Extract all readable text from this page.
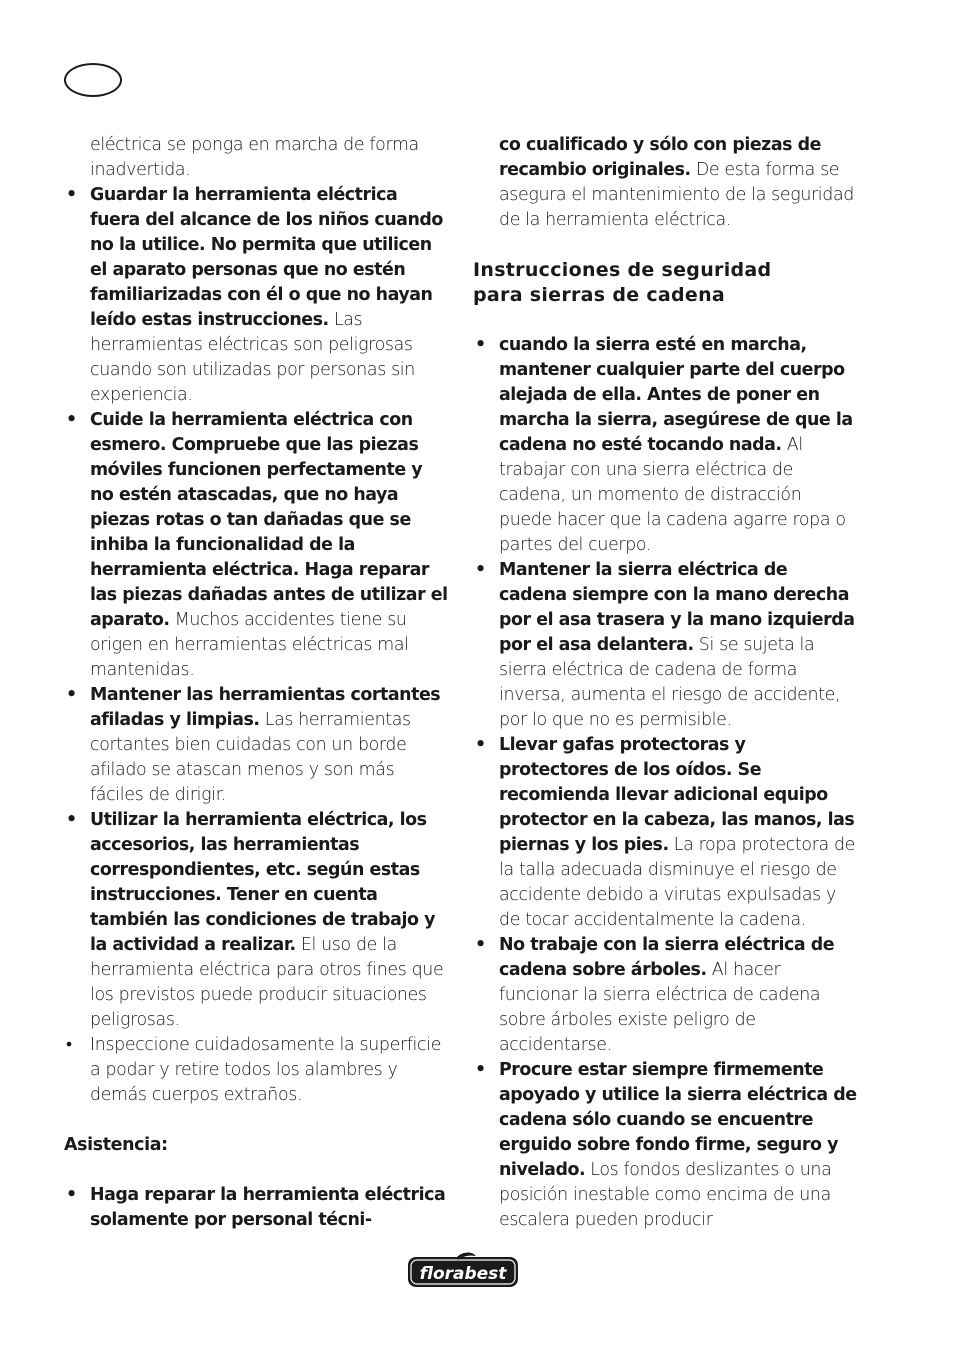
eléctrica se ponga en marcha de forma inadvertida.

• Guardar la herramienta eléctrica fuera del alcance de los niños cuando no la utilice. No permita que utilicen el aparato personas que no estén familiarizadas con él o que no hayan leído estas instrucciones. Las herramientas eléctricas son peligrosas cuando son utilizadas por personas sin experiencia.
• Cuide la herramienta eléctrica con esmero. Compruebe que las piezas móviles funcionen perfectamente y no estén atascadas, que no haya piezas rotas o tan dañadas que se inhiba la funcionalidad de la herramienta eléctrica. Haga reparar las piezas dañadas antes de utilizar el aparato. Muchos accidentes tiene su origen en herramientas eléctricas mal mantenidas.
• Mantener las herramientas cortantes afiladas y limpias. Las herramientas cortantes bien cuidadas con un borde afilado se atascan menos y son más fáciles de dirigir.
• Utilizar la herramienta eléctrica, los accesorios, las herramientas correspondientes, etc. según estas instrucciones. Tener en cuenta también las condiciones de trabajo y la actividad a realizar. El uso de la herramienta eléctrica para otros fines que los previstos puede producir situaciones peligrosas.
• Inspeccione cuidadosamente la superficie a podar y retire todos los alambres y demás cuerpos extraños.

Asistencia:

• Haga reparar la herramienta eléctrica solamente por personal técni-

co cualificado y sólo con piezas de recambio originales. De esta forma se asegura el mantenimiento de la seguridad de la herramienta eléctrica.

Instrucciones de seguridad
para sierras de cadena

• cuando la sierra esté en marcha, mantener cualquier parte del cuerpo alejada de ella. Antes de poner en marcha la sierra, asegúrese de que la cadena no esté tocando nada. Al trabajar con una sierra eléctrica de cadena, un momento de distracción puede hacer que la cadena agarre ropa o partes del cuerpo.
• Mantener la sierra eléctrica de cadena siempre con la mano derecha por el asa trasera y la mano izquierda por el asa delantera. Si se sujeta la sierra eléctrica de cadena de forma inversa, aumenta el riesgo de accidente, por lo que no es permisible.
• Llevar gafas protectoras y protectores de los oídos. Se recomienda llevar adicional equipo protector en la cabeza, las manos, las piernas y los pies. La ropa protectora de la talla adecuada disminuye el riesgo de accidente debido a virutas expulsadas y de tocar accidentalmente la cadena.
• No trabaje con la sierra eléctrica de cadena sobre árboles. Al hacer funcionar la sierra eléctrica de cadena sobre árboles existe peligro de accidentarse.
• Procure estar siempre firmemente apoyado y utilice la sierra eléctrica de cadena sólo cuando se encuentre erguido sobre fondo firme, seguro y nivelado. Los fondos deslizantes o una posición inestable como encima de una escalera pueden producir
florabest
